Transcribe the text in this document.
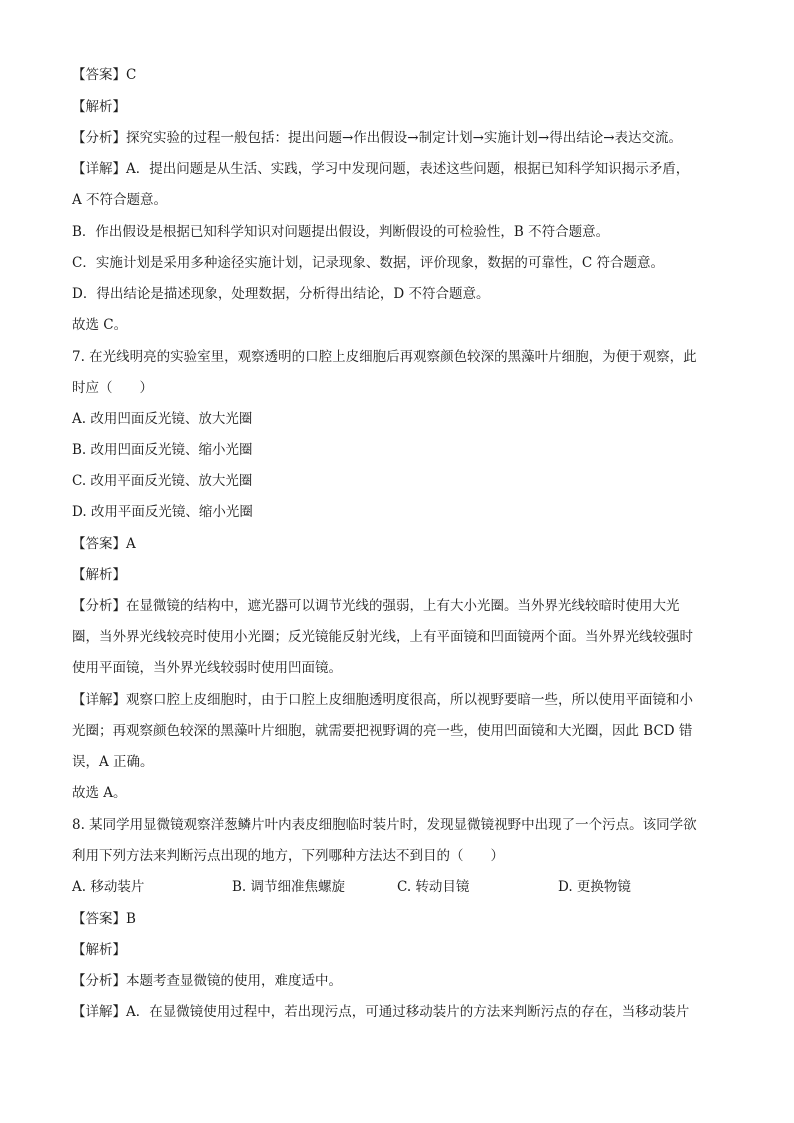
【答案】C
【解析】
【分析】探究实验的过程一般包括：提出问题→作出假设→制定计划→实施计划→得出结论→表达交流。
【详解】A．提出问题是从生活、实践，学习中发现问题，表述这些问题，根据已知科学知识揭示矛盾，
A 不符合题意。
B．作出假设是根据已知科学知识对问题提出假设，判断假设的可检验性，B 不符合题意。
C．实施计划是采用多种途径实施计划，记录现象、数据，评价现象，数据的可靠性，C 符合题意。
D．得出结论是描述现象，处理数据，分析得出结论，D 不符合题意。
故选 C。
7. 在光线明亮的实验室里，观察透明的口腔上皮细胞后再观察颜色较深的黑藻叶片细胞，为便于观察，此
时应（　　）
A. 改用凹面反光镜、放大光圈
B. 改用凹面反光镜、缩小光圈
C. 改用平面反光镜、放大光圈
D. 改用平面反光镜、缩小光圈
【答案】A
【解析】
【分析】在显微镜的结构中，遮光器可以调节光线的强弱，上有大小光圈。当外界光线较暗时使用大光
圈，当外界光线较亮时使用小光圈；反光镜能反射光线，上有平面镜和凹面镜两个面。当外界光线较强时
使用平面镜，当外界光线较弱时使用凹面镜。
【详解】观察口腔上皮细胞时，由于口腔上皮细胞透明度很高，所以视野要暗一些，所以使用平面镜和小
光圈；再观察颜色较深的黑藻叶片细胞，就需要把视野调的亮一些，使用凹面镜和大光圈，因此 BCD 错
误，A 正确。
故选 A。
8. 某同学用显微镜观察洋葱鳞片叶内表皮细胞临时装片时，发现显微镜视野中出现了一个污点。该同学欲
利用下列方法来判断污点出现的地方，下列哪种方法达不到目的（　　）
A. 移动装片	B. 调节细准焦螺旋	C. 转动目镜	D. 更换物镜
【答案】B
【解析】
【分析】本题考查显微镜的使用，难度适中。
【详解】A．在显微镜使用过程中，若出现污点，可通过移动装片的方法来判断污点的存在，当移动装片
